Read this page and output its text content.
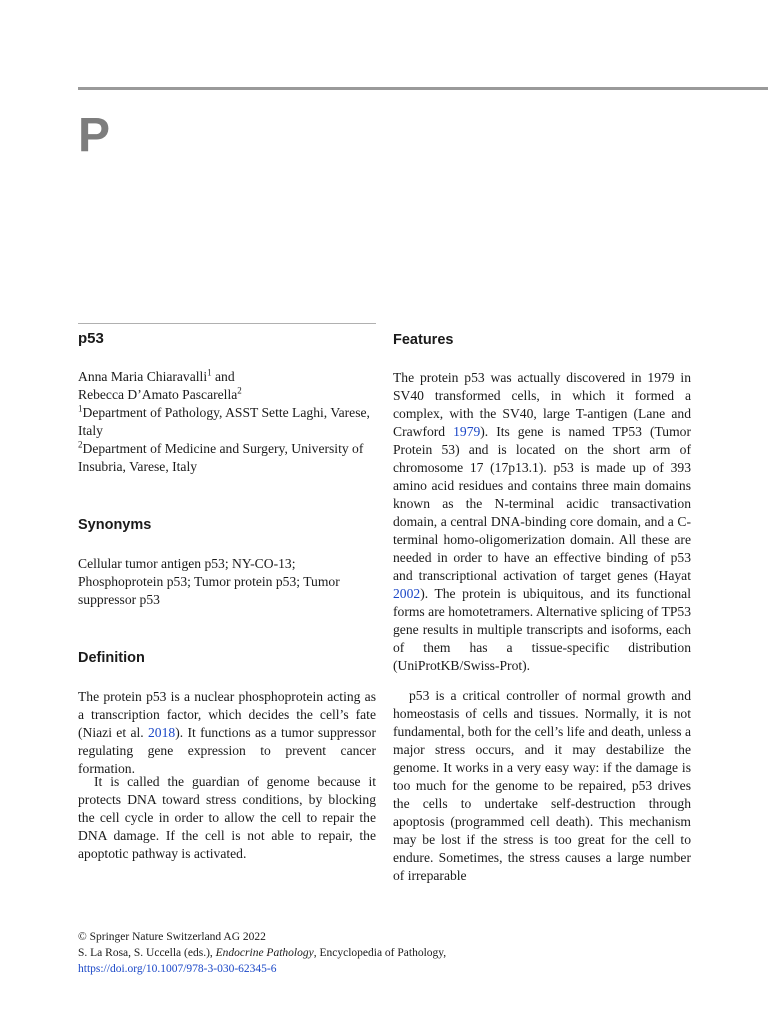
P
p53
Anna Maria Chiaravalli$^1$ and
Rebecca D’Amato Pascarella$^2$
$^1$Department of Pathology, ASST Sette Laghi, Varese, Italy
$^2$Department of Medicine and Surgery, University of Insubria, Varese, Italy
Synonyms

Cellular tumor antigen p53; NY-CO-13; Phosphoprotein p53; Tumor protein p53; Tumor suppressor p53

Definition

The protein p53 is a nuclear phosphoprotein acting as a transcription factor, which decides the cell’s fate (Niazi et al. 2018). It functions as a tumor suppressor regulating gene expression to prevent cancer formation.

It is called the guardian of genome because it protects DNA toward stress conditions, by blocking the cell cycle in order to allow the cell to repair the DNA damage. If the cell is not able to repair, the apoptotic pathway is activated.

Features

The protein p53 was actually discovered in 1979 in SV40 transformed cells, in which it formed a complex, with the SV40, large T-antigen (Lane and Crawford 1979). Its gene is named TP53 (Tumor Protein 53) and is located on the short arm of chromosome 17 (17p13.1). p53 is made up of 393 amino acid residues and contains three main domains known as the N-terminal acidic transactivation domain, a central DNA-binding core domain, and a C-terminal homo-oligomerization domain. All these are needed in order to have an effective binding of p53 and transcriptional activation of target genes (Hayat 2002). The protein is ubiquitous, and its functional forms are homotetramers. Alternative splicing of TP53 gene results in multiple transcripts and isoforms, each of them has a tissue-specific distribution (UniProtKB/Swiss-Prot).

p53 is a critical controller of normal growth and homeostasis of cells and tissues. Normally, it is not fundamental, both for the cell’s life and death, unless a major stress occurs, and it may destabilize the genome. It works in a very easy way: if the damage is too much for the genome to be repaired, p53 drives the cells to undertake self-destruction through apoptosis (programmed cell death). This mechanism may be lost if the stress is too great for the cell to endure. Sometimes, the stress causes a large number of irreparable

© Springer Nature Switzerland AG 2022
S. La Rosa, S. Uccella (eds.), Endocrine Pathology, Encyclopedia of Pathology,
https://doi.org/10.1007/978-3-030-62345-6
